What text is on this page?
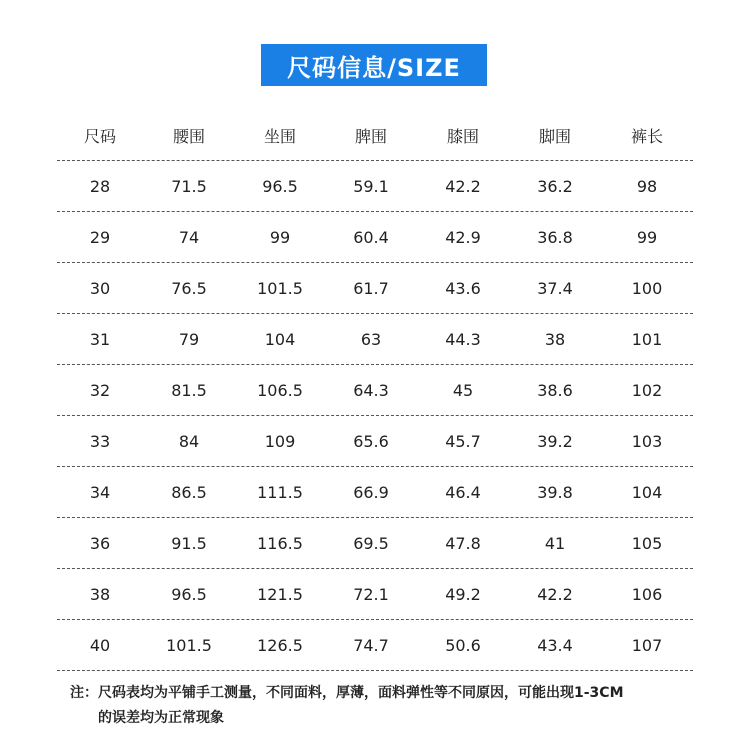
尺码信息/SIZE
尺码	腰围	坐围	脾围	膝围	脚围	裤长
28	71.5	96.5	59.1	42.2	36.2	98
29	74	99	60.4	42.9	36.8	99
30	76.5	101.5	61.7	43.6	37.4	100
31	79	104	63	44.3	38	101
32	81.5	106.5	64.3	45	38.6	102
33	84	109	65.6	45.7	39.2	103
34	86.5	111.5	66.9	46.4	39.8	104
36	91.5	116.5	69.5	47.8	41	105
38	96.5	121.5	72.1	49.2	42.2	106
40	101.5	126.5	74.7	50.6	43.4	107
注：尺码表均为平铺手工测量，不同面料，厚薄，面料弹性等不同原因，可能出现1-3CM
的误差均为正常现象
